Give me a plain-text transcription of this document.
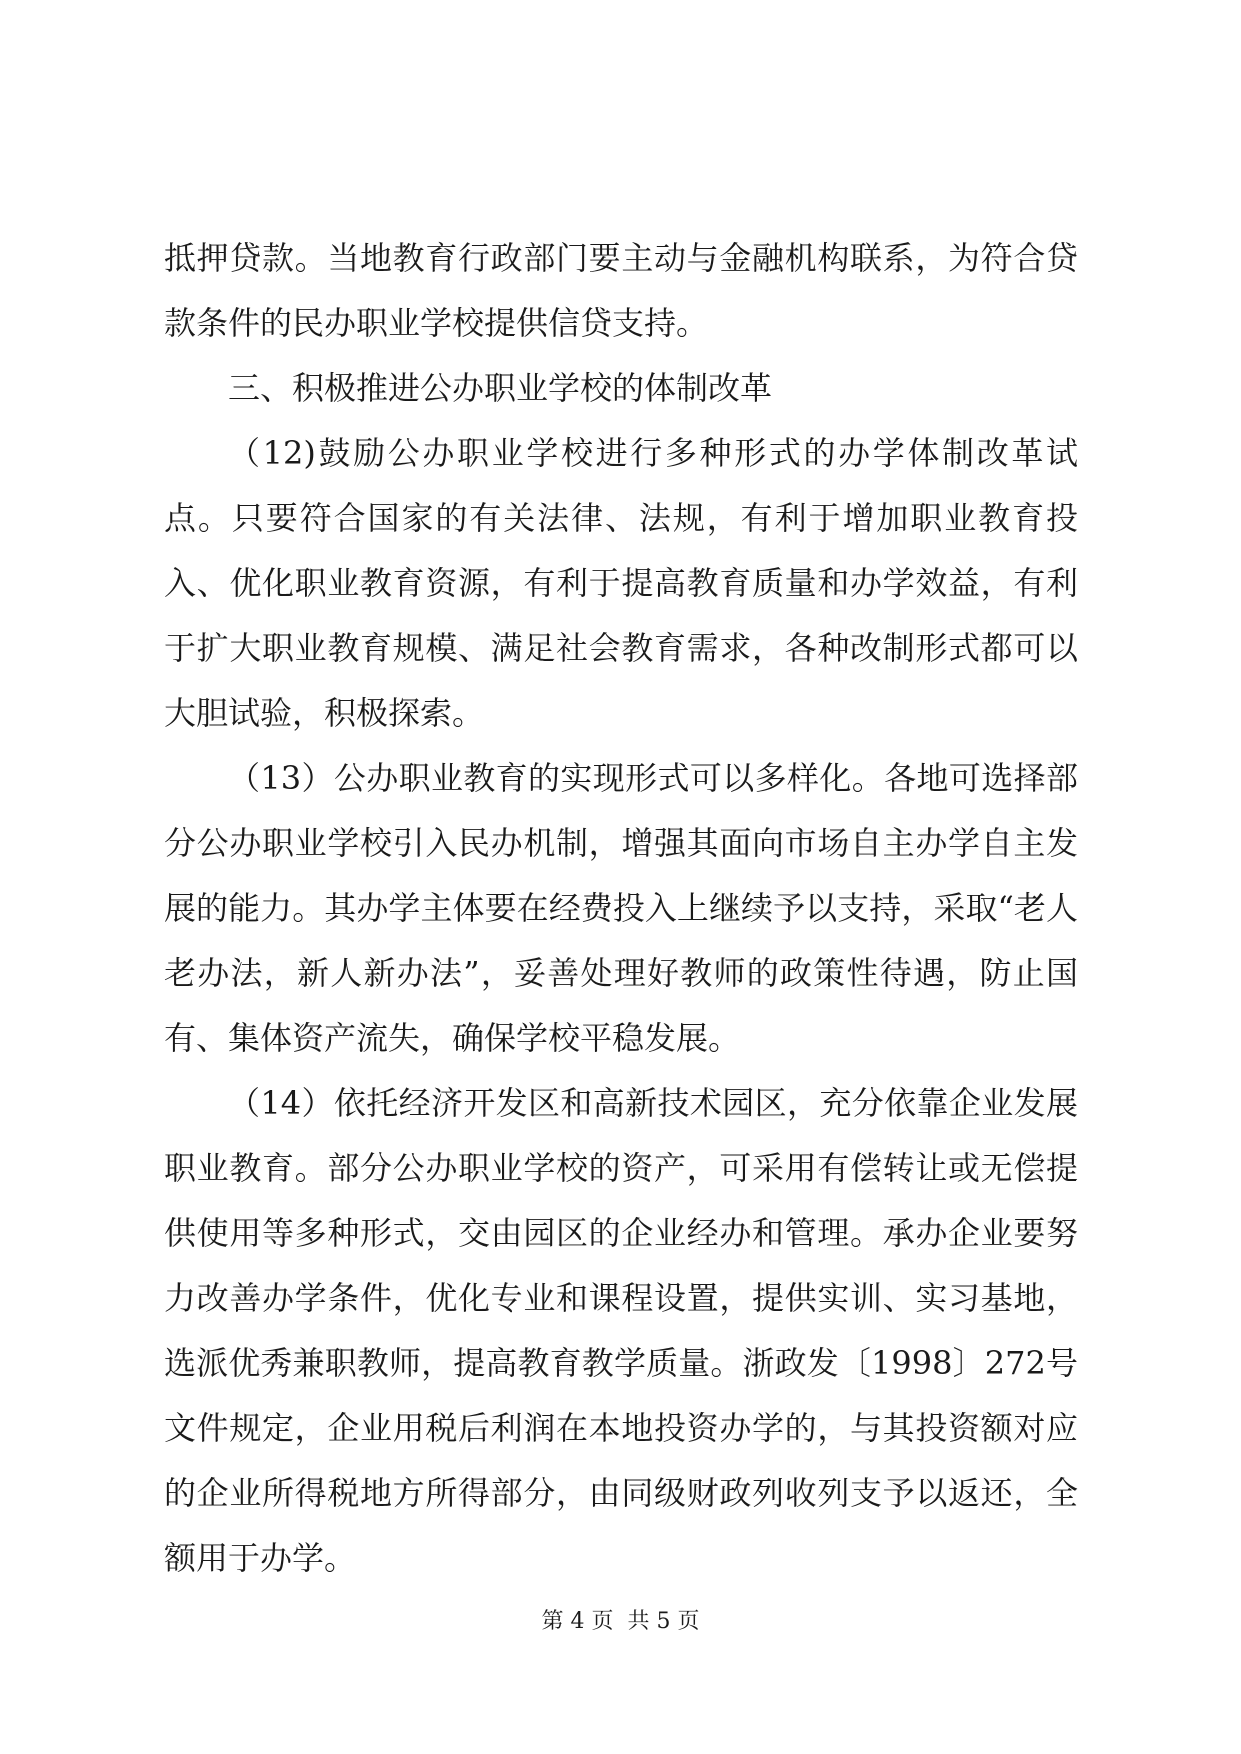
抵押贷款。当地教育行政部门要主动与金融机构联系，为符合贷款条件的民办职业学校提供信贷支持。

三、积极推进公办职业学校的体制改革

（12)鼓励公办职业学校进行多种形式的办学体制改革试点。只要符合国家的有关法律、法规，有利于增加职业教育投入、优化职业教育资源，有利于提高教育质量和办学效益，有利于扩大职业教育规模、满足社会教育需求，各种改制形式都可以大胆试验，积极探索。

（13）公办职业教育的实现形式可以多样化。各地可选择部分公办职业学校引入民办机制，增强其面向市场自主办学自主发展的能力。其办学主体要在经费投入上继续予以支持，采取“老人老办法，新人新办法”，妥善处理好教师的政策性待遇，防止国有、集体资产流失，确保学校平稳发展。

（14）依托经济开发区和高新技术园区，充分依靠企业发展职业教育。部分公办职业学校的资产，可采用有偿转让或无偿提供使用等多种形式，交由园区的企业经办和管理。承办企业要努力改善办学条件，优化专业和课程设置，提供实训、实习基地，选派优秀兼职教师，提高教育教学质量。浙政发〔1998〕272号文件规定，企业用税后利润在本地投资办学的，与其投资额对应的企业所得税地方所得部分，由同级财政列收列支予以返还，全额用于办学。

第 4 页  共 5 页
